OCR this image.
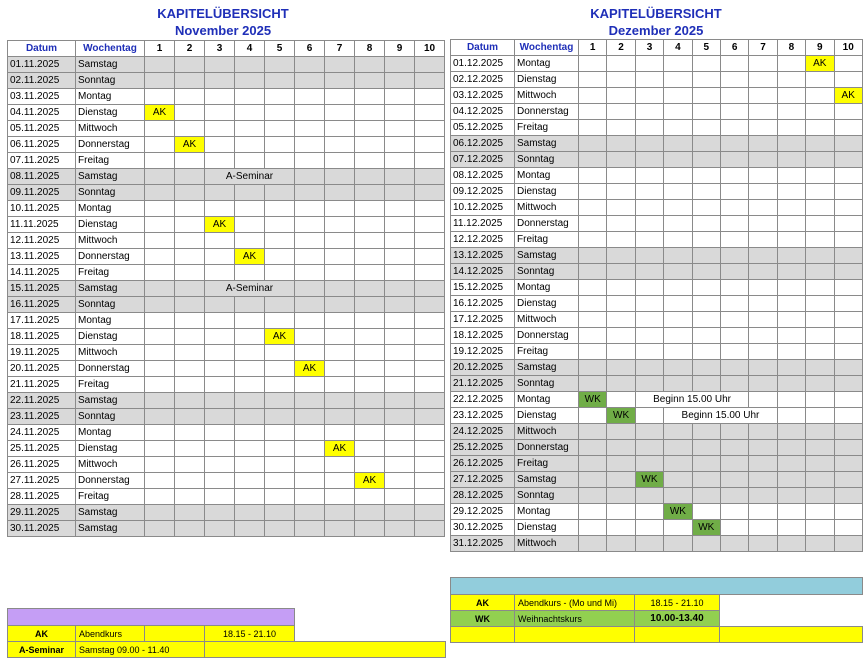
KAPITELÜBERSICHT
November 2025
Datum	Wochentag	1	2	3	4	5	6	7	8	9	10
01.11.2025	Samstag										
02.11.2025	Sonntag										
03.11.2025	Montag										
04.11.2025	Dienstag	AK									
05.11.2025	Mittwoch										
06.11.2025	Donnerstag		AK								
07.11.2025	Freitag										
08.11.2025	Samstag			A-Seminar							
09.11.2025	Sonntag										
10.11.2025	Montag										
11.11.2025	Dienstag			AK							
12.11.2025	Mittwoch										
13.11.2025	Donnerstag				AK						
14.11.2025	Freitag										
15.11.2025	Samstag			A-Seminar							
16.11.2025	Sonntag										
17.11.2025	Montag										
18.11.2025	Dienstag					AK					
19.11.2025	Mittwoch										
20.11.2025	Donnerstag						AK				
21.11.2025	Freitag										
22.11.2025	Samstag										
23.11.2025	Sonntag										
24.11.2025	Montag										
25.11.2025	Dienstag							AK			
26.11.2025	Mittwoch										
27.11.2025	Donnerstag								AK		
28.11.2025	Freitag										
29.11.2025	Samstag										
30.11.2025	Samstag										

AK	Abendkurs		18.15 - 21.10	
A-Seminar	Samstag 09.00 - 11.40			
KAPITELÜBERSICHT
Dezember 2025
Datum	Wochentag	1	2	3	4	5	6	7	8	9	10
01.12.2025	Montag									AK	
02.12.2025	Dienstag										
03.12.2025	Mittwoch										AK
04.12.2025	Donnerstag										
05.12.2025	Freitag										
06.12.2025	Samstag										
07.12.2025	Sonntag										
08.12.2025	Montag										
09.12.2025	Dienstag										
10.12.2025	Mittwoch										
11.12.2025	Donnerstag										
12.12.2025	Freitag										
13.12.2025	Samstag										
14.12.2025	Sonntag										
15.12.2025	Montag										
16.12.2025	Dienstag										
17.12.2025	Mittwoch										
18.12.2025	Donnerstag										
19.12.2025	Freitag										
20.12.2025	Samstag										
21.12.2025	Sonntag										
22.12.2025	Montag	WK		Beginn 15.00 Uhr							
23.12.2025	Dienstag		WK		Beginn 15.00 Uhr						
24.12.2025	Mittwoch										
25.12.2025	Donnerstag										
26.12.2025	Freitag										
27.12.2025	Samstag			WK							
28.12.2025	Sonntag										
29.12.2025	Montag				WK						
30.12.2025	Dienstag					WK					
31.12.2025	Mittwoch										

AK	Abendkurs - (Mo und Mi)	18.15 - 21.10	
WK	Weihnachtskurs	10.00-13.40	
